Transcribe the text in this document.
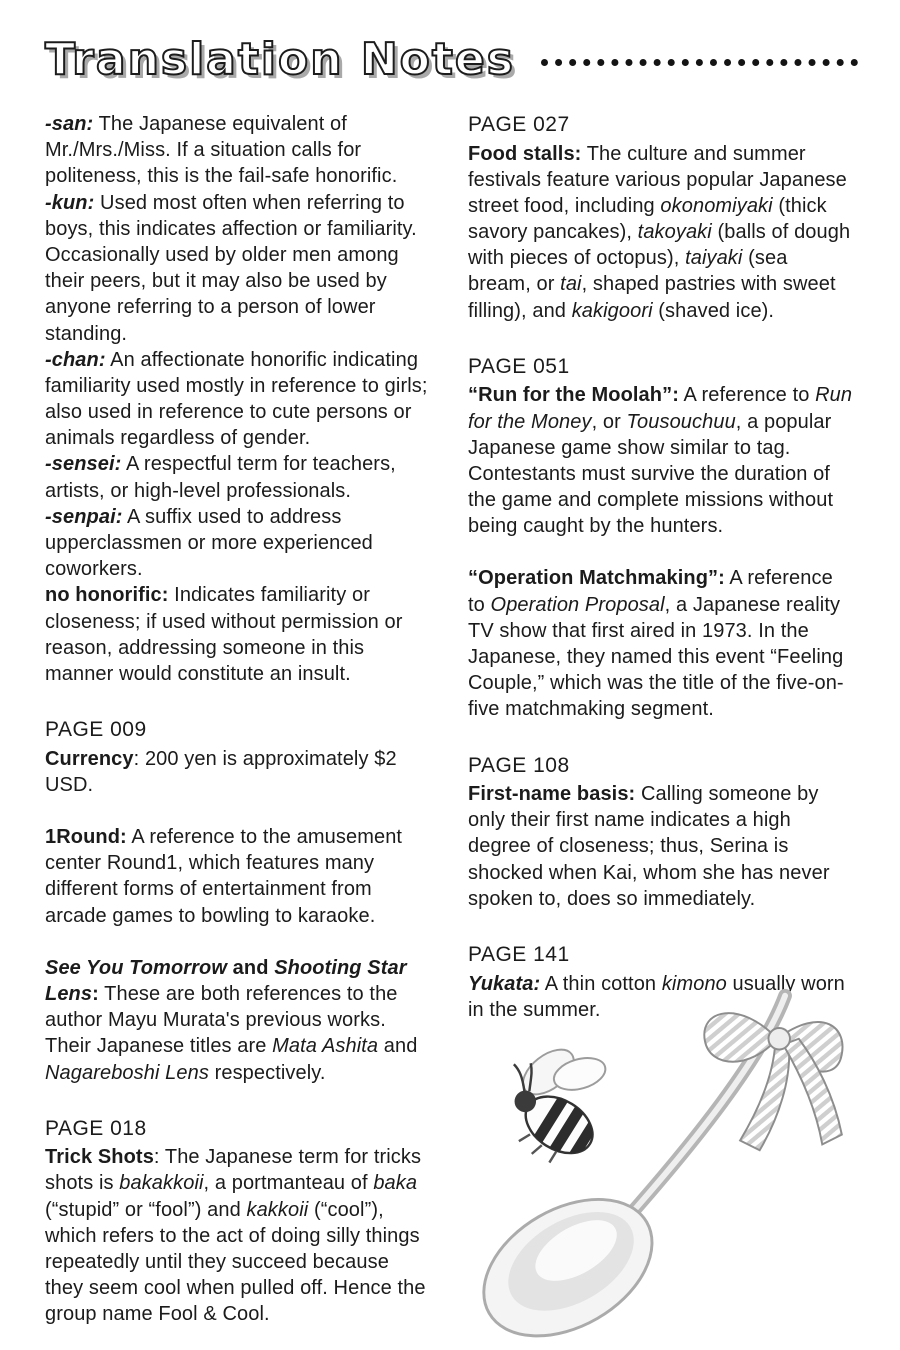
Translation Notes

-san: The Japanese equivalent of Mr./Mrs./Miss. If a situation calls for politeness, this is the fail-safe honorific.

-kun: Used most often when referring to boys, this indicates affection or familiarity. Occasionally used by older men among their peers, but it may also be used by anyone referring to a person of lower standing.

-chan: An affectionate honorific indicating familiarity used mostly in reference to girls; also used in reference to cute persons or animals regardless of gender.

-sensei: A respectful term for teachers, artists, or high-level professionals.

-senpai: A suffix used to address upperclassmen or more experienced coworkers.

no honorific: Indicates familiarity or closeness; if used without permission or reason, addressing someone in this manner would constitute an insult.

PAGE 009

Currency: 200 yen is approximately $2 USD.

1Round: A reference to the amusement center Round1, which features many different forms of entertainment from arcade games to bowling to karaoke.

See You Tomorrow and Shooting Star Lens: These are both references to the author Mayu Murata's previous works. Their Japanese titles are Mata Ashita and Nagareboshi Lens respectively.

PAGE 018

Trick Shots: The Japanese term for tricks shots is bakakkoii, a portmanteau of baka (“stupid” or “fool”) and kakkoii (“cool”), which refers to the act of doing silly things repeatedly until they succeed because they seem cool when pulled off. Hence the group name Fool & Cool.

PAGE 027

Food stalls: The culture and summer festivals feature various popular Japanese street food, including okonomiyaki (thick savory pancakes), takoyaki (balls of dough with pieces of octopus), taiyaki (sea bream, or tai, shaped pastries with sweet filling), and kakigoori (shaved ice).

PAGE 051

“Run for the Moolah”: A reference to Run for the Money, or Tousouchuu, a popular Japanese game show similar to tag. Contestants must survive the duration of the game and complete missions without being caught by the hunters.

“Operation Matchmaking”: A reference to Operation Proposal, a Japanese reality TV show that first aired in 1973. In the Japanese, they named this event “Feeling Couple,” which was the title of the five-on-five matchmaking segment.

PAGE 108

First-name basis: Calling someone by only their first name indicates a high degree of closeness; thus, Serina is shocked when Kai, whom she has never spoken to, does so immediately.

PAGE 141

Yukata: A thin cotton kimono usually worn in the summer.
